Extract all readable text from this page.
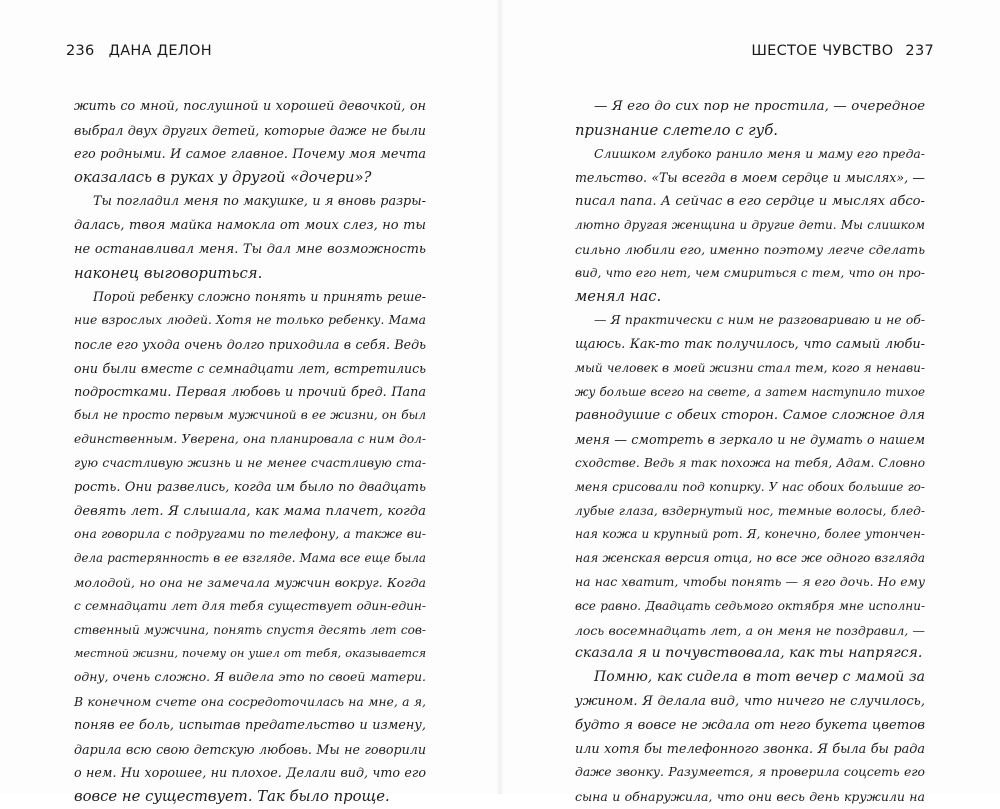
236 ДАНА ДЕЛОН
жить со мной, послушной и хорошей девочкой, он
выбрал двух других детей, которые даже не были
его родными. И самое главное. Почему моя мечта
оказалась в руках у другой «дочери»?
Ты погладил меня по макушке, и я вновь разры-
далась, твоя майка намокла от моих слез, но ты
не останавливал меня. Ты дал мне возможность
наконец выговориться.
Порой ребенку сложно понять и принять реше-
ние взрослых людей. Хотя не только ребенку. Мама
после его ухода очень долго приходила в себя. Ведь
они были вместе с семнадцати лет, встретились
подростками. Первая любовь и прочий бред. Папа
был не просто первым мужчиной в ее жизни, он был
единственным. Уверена, она планировала с ним дол-
гую счастливую жизнь и не менее счастливую ста-
рость. Они развелись, когда им было по двадцать
девять лет. Я слышала, как мама плачет, когда
она говорила с подругами по телефону, а также ви-
дела растерянность в ее взгляде. Мама все еще была
молодой, но она не замечала мужчин вокруг. Когда
с семнадцати лет для тебя существует один-един-
ственный мужчина, понять спустя десять лет сов-
местной жизни, почему он ушел от тебя, оказывается
одну, очень сложно. Я видела это по своей матери.
В конечном счете она сосредоточилась на мне, а я,
поняв ее боль, испытав предательство и измену,
дарила всю свою детскую любовь. Мы не говорили
о нем. Ни хорошее, ни плохое. Делали вид, что его
вовсе не существует. Так было проще.
ШЕСТОЕ ЧУВСТВО 237
— Я его до сих пор не простила, — очередное
признание слетело с губ.
Слишком глубоко ранило меня и маму его преда-
тельство. «Ты всегда в моем сердце и мыслях», —
писал папа. А сейчас в его сердце и мыслях абсо-
лютно другая женщина и другие дети. Мы слишком
сильно любили его, именно поэтому легче сделать
вид, что его нет, чем смириться с тем, что он про-
менял нас.
— Я практически с ним не разговариваю и не об-
щаюсь. Как-то так получилось, что самый люби-
мый человек в моей жизни стал тем, кого я ненави-
жу больше всего на свете, а затем наступило тихое
равнодушие с обеих сторон. Самое сложное для
меня — смотреть в зеркало и не думать о нашем
сходстве. Ведь я так похожа на тебя, Адам. Словно
меня срисовали под копирку. У нас обоих большие го-
лубые глаза, вздернутый нос, темные волосы, блед-
ная кожа и крупный рот. Я, конечно, более утончен-
ная женская версия отца, но все же одного взгляда
на нас хватит, чтобы понять — я его дочь. Но ему
все равно. Двадцать седьмого октября мне исполни-
лось восемнадцать лет, а он меня не поздравил, —
сказала я и почувствовала, как ты напрягся.
Помню, как сидела в тот вечер с мамой за
ужином. Я делала вид, что ничего не случилось,
будто я вовсе не ждала от него букета цветов
или хотя бы телефонного звонка. Я была бы рада
даже звонку. Разумеется, я проверила соцсеть его
сына и обнаружила, что они весь день кружили на
